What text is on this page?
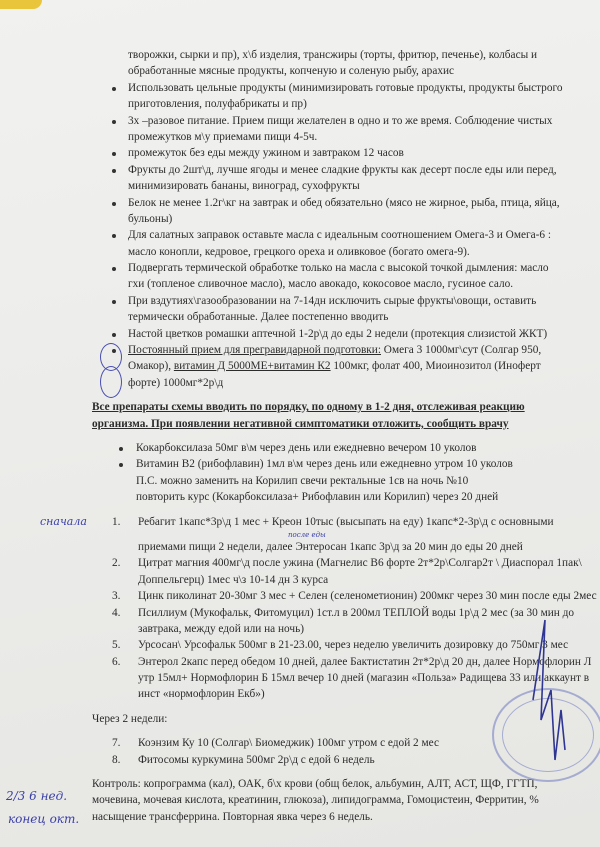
творожки, сырки и пр), х\б изделия, трансжиры (торты, фритюр, печенье), колбасы и
обработанные мясные продукты, копченую и соленую рыбу, арахис
Использовать цельные продукты (минимизировать готовые продукты, продукты быстрого
приготовления, полуфабрикаты и пр)
3х –разовое питание. Прием пищи желателен в одно и то же время. Соблюдение чистых
промежутков м\у приемами пищи 4-5ч.
промежуток без еды между ужином и завтраком 12 часов
Фрукты до 2шт\д, лучше ягоды и менее сладкие фрукты как десерт после еды или перед,
минимизировать бананы, виноград, сухофрукты
Белок не менее 1.2г\кг на завтрак и обед обязательно (мясо не жирное, рыба, птица, яйца,
бульоны)
Для салатных заправок оставьте масла с идеальным соотношением Омега-3 и Омега-6 :
масло конопли, кедровое, грецкого ореха и оливковое (богато омега-9).
Подвергать термической обработке только на масла с высокой точкой дымления: масло
гхи (топленое сливочное масло), масло авокадо, кокосовое масло, гусиное сало.
При вздутиях\газообразовании на 7-14дн исключить сырые фрукты\овощи, оставить
термически обработанные. Далее постепенно вводить
Настой цветков ромашки аптечной 1-2р\д до еды 2 недели (протекция слизистой ЖКТ)
Постоянный прием для прегравидарной подготовки: Омега 3 1000мг\сут (Солгар 950,
Омакор), витамин Д 5000МЕ+витамин К2 100мкг, фолат 400, Миоинозитол (Иноферт
форте) 1000мг*2р\д
Все препараты схемы вводить по порядку, по одному в 1-2 дня, отслеживая реакцию
организма. При появлении негативной симптоматики отложить, сообщить врачу
Кокарбоксилаза 50мг в\м через день или ежедневно вечером 10 уколов
Витамин В2 (рибофлавин) 1мл в\м через день или ежедневно утром 10 уколов
П.С. можно заменить на Корилип свечи ректальные 1св на ночь №10
повторить курс (Кокарбоксилаза+ Рибофлавин или Корилип) через 20 дней
1. Ребагит 1капс*3р\д 1 мес + Креон 10тыс (высыпать на еду) 1капс*2-3р\д с основными
приемами пищи 2 недели, далее Энтеросан 1капс 3р\д за 20 мин до еды 20 дней
2. Цитрат магния 400мг\д после ужина (Магнелис В6 форте 2т*2р\Солгар2т \ Диаспорал 1пак\
Доппельгерц) 1мес ч\з 10-14 дн 3 курса
3. Цинк пиколинат 20-30мг 3 мес + Селен (селенометионин) 200мкг через 30 мин после еды 2мес
4. Псиллиум (Мукофальк, Фитомуцил) 1ст.л в 200мл ТЕПЛОЙ воды 1р\д 2 мес (за 30 мин до
завтрака, между едой или на ночь)
5. Урсосан\ Урсофальк 500мг в 21-23.00, через неделю увеличить дозировку до 750мг 3 мес
6. Энтерол 2капс перед обедом 10 дней, далее Бактистатин 2т*2р\д 20 дн, далее Нормофлорин Л
утр 15мл+ Нормофлорин Б 15мл вечер 10 дней (магазин «Польза» Радищева 33 или аккаунт в
инст «нормофлорин Екб»)
Через 2 недели:
7. Коэнзим Ку 10 (Солгар\ Биомеджик) 100мг утром с едой 2 мес
8. Фитосомы куркумина 500мг 2р\д с едой 6 недель
Контроль: копрограмма (кал), ОАК, б\х крови (общ белок, альбумин, АЛТ, АСТ, ЩФ, ГГТП,
мочевина, мочевая кислота, креатинин, глюкоза), липидограмма, Гомоцистеин, Ферритин, %
насыщение трансферрина. Повторная явка через 6 недель.
сначала
после еды
2/3 6 нед.
конец окт.
